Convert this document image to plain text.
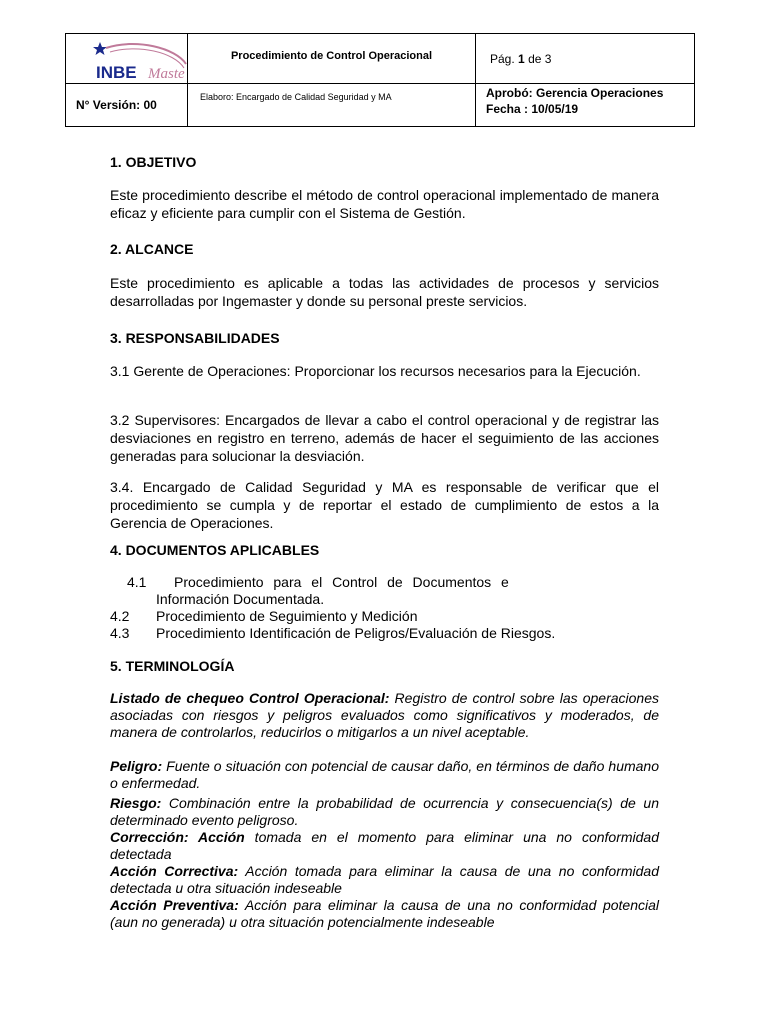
INBE Maste	Procedimiento de Control Operacional	Pág. 1 de 3
N° Versión: 00	Elaboro: Encargado de Calidad Seguridad y MA	Aprobó: Gerencia Operaciones
Fecha : 10/05/19
1. OBJETIVO

Este procedimiento describe el método de control operacional implementado de manera eficaz y eficiente para cumplir con el Sistema de Gestión.

2. ALCANCE

Este procedimiento es aplicable a todas las actividades de procesos y servicios desarrolladas por Ingemaster y donde su personal preste servicios.

3. RESPONSABILIDADES

3.1 Gerente de Operaciones: Proporcionar los recursos necesarios para la Ejecución.

3.2 Supervisores: Encargados de llevar a cabo el control operacional y de registrar las desviaciones en registro en terreno, además de hacer el seguimiento de las acciones generadas para solucionar la desviación.

3.4. Encargado de Calidad Seguridad y MA es responsable de verificar que el procedimiento se cumpla y de reportar el estado de cumplimiento de estos a la Gerencia de Operaciones.

4. DOCUMENTOS APLICABLES
4.1 Procedimiento para el Control de Documentos e
Información Documentada.
4.2 Procedimiento de Seguimiento y Medición
4.3 Procedimiento Identificación de Peligros/Evaluación de Riesgos.
5. TERMINOLOGÍA

Listado de chequeo Control Operacional: Registro de control sobre las operaciones asociadas con riesgos y peligros evaluados como significativos y moderados, de manera de controlarlos, reducirlos o mitigarlos a un nivel aceptable.

Peligro: Fuente o situación con potencial de causar daño, en términos de daño humano o enfermedad.

Riesgo: Combinación entre la probabilidad de ocurrencia y consecuencia(s) de un determinado evento peligroso.

Corrección: Acción tomada en el momento para eliminar una no conformidad detectada

Acción Correctiva: Acción tomada para eliminar la causa de una no conformidad detectada u otra situación indeseable

Acción Preventiva: Acción para eliminar la causa de una no conformidad potencial (aun no generada) u otra situación potencialmente indeseable
